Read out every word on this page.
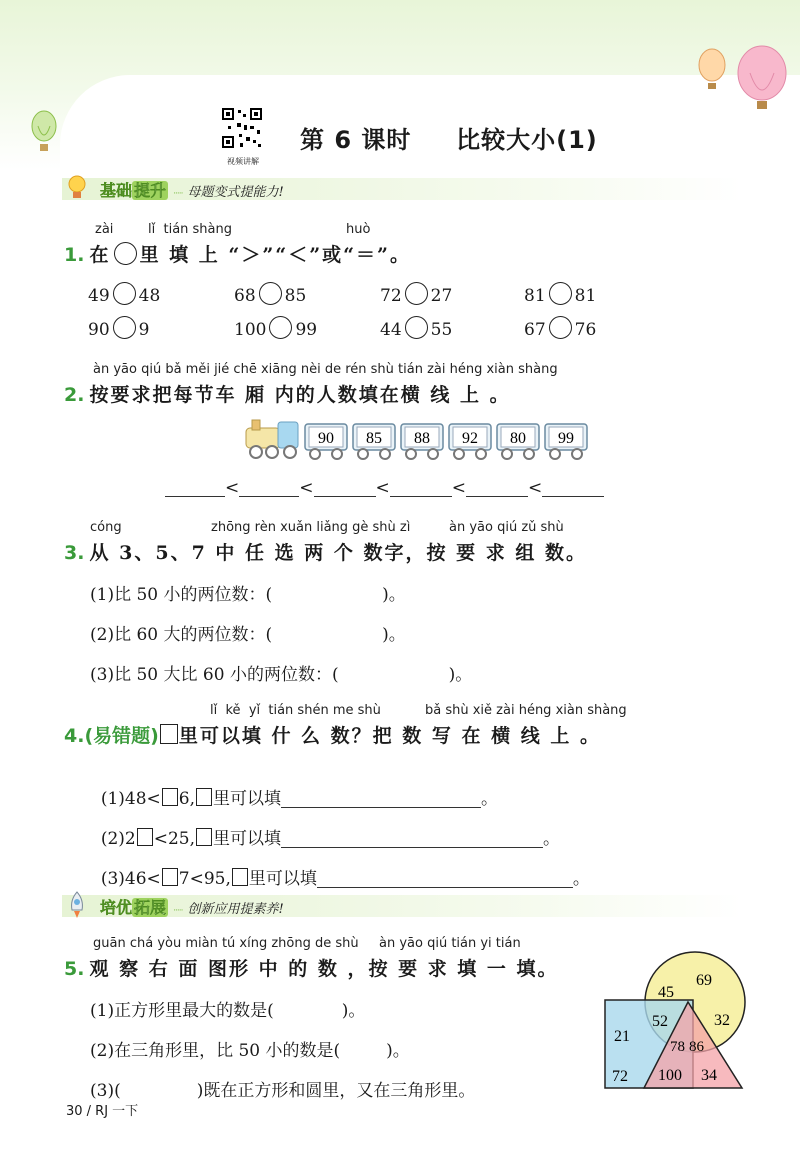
视频讲解
第 6 课时 比较大小(1)
基础 提升 ····· 母题变式提能力!
zài	lǐ  tián shàng	huò
1. 在 里 填 上 “＞”“＜”或“＝”。
49 48	68 85	72 27	81 81
90 9	100 99	44 55	67 76
àn yāo qiú bǎ měi jié chē xiāng nèi de rén shù tián zài héng xiàn shàng
2. 按要求把每节车 厢 内的人数填在横 线 上 。
90 85 88 92 80 99
<	<	<	<	<
cóng	zhōng rèn xuǎn liǎng gè shù zì	àn yāo qiú zǔ shù
3. 从 3、5、7 中 任 选 两 个 数字，按 要 求 组 数。
(1)比 50 小的两位数：(	)。
(2)比 60 大的两位数：(	)。
(3)比 50 大比 60 小的两位数：(	)。
lǐ  kě  yǐ  tián shén me shù	bǎ shù xiě zài héng xiàn shàng
4.(易错题) 里可以填 什 么 数？把 数 写 在 横 线 上 。

(1)48< 6, 里可以填	。

(2)2 <25, 里可以填	。

(3)46< 7<95, 里可以填	。

培优 拓展 ····· 创新应用提素养!
guān chá yòu miàn tú xíng zhōng de shù àn yāo qiú tián yi tián
5. 观 察 右 面 图形 中 的 数 ，按 要 求 填 一 填。
(1)正方形里最大的数是(	)。
(2)在三角形里，比 50 小的数是(	)。
(3)(	)既在正方形和圆里，又在三角形里。
45
69
52	32
21
78 86
72 100 34
30 / RJ 一下
